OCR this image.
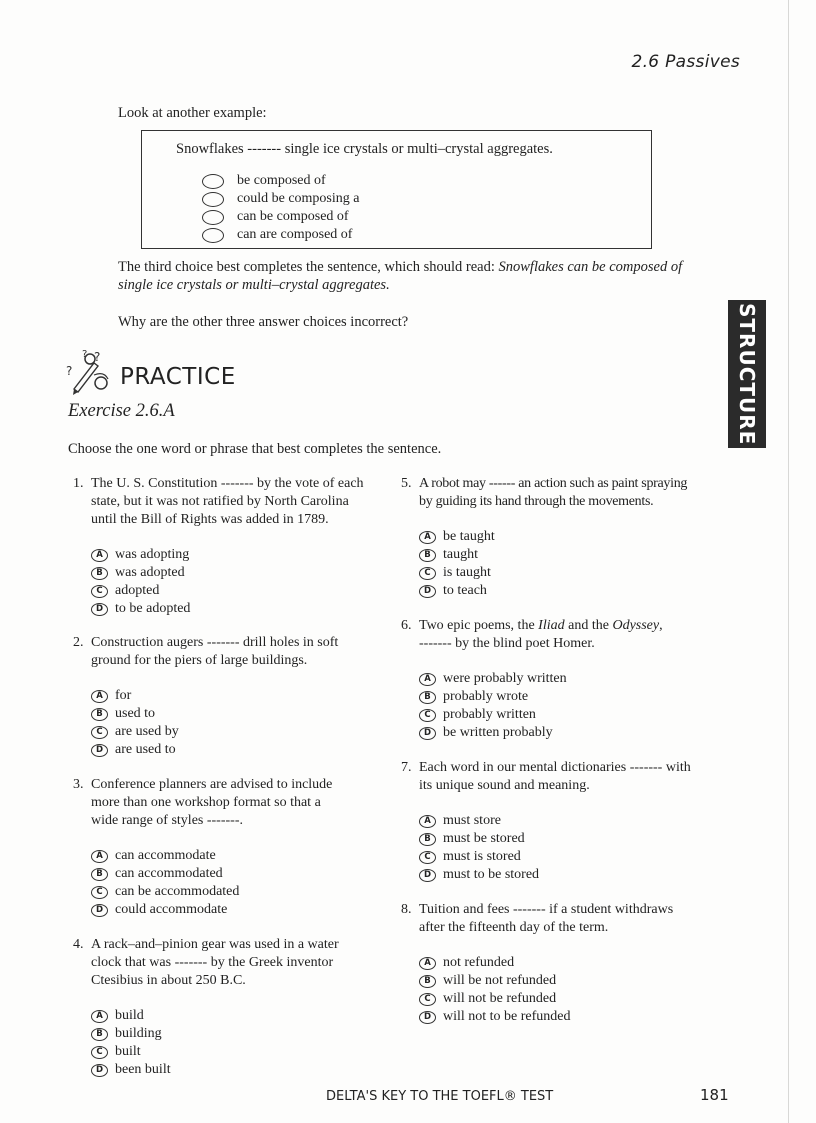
2.6 Passives
Look at another example:
Snowflakes ------- single ice crystals or multi–crystal aggregates.
be composed of
could be composing a
can be composed of
can are composed of
The third choice best completes the sentence, which should read: Snowflakes can be composed of
single ice crystals or multi–crystal aggregates.
Why are the other three answer choices incorrect?	STRUCTURE
?
?
?
PRACTICE
Exercise 2.6.A
Choose the one word or phrase that best completes the sentence.
1. The U. S. Constitution ------- by the vote of each
state, but it was not ratified by North Carolina
until the Bill of Rights was added in 1789.
A was adopting
B was adopted
C adopted
D to be adopted
2. Construction augers ------- drill holes in soft
ground for the piers of large buildings.
A for
B used to
C are used by
D are used to
3. Conference planners are advised to include
more than one workshop format so that a
wide range of styles -------.
A can accommodate
B can accommodated
C can be accommodated
D could accommodate
4. A rack–and–pinion gear was used in a water
clock that was ------- by the Greek inventor
Ctesibius in about 250 B.C.
A build
B building
C built
D been built
5. A robot may ------ an action such as paint spraying
by guiding its hand through the movements.
A be taught
B taught
C is taught
D to teach
6. Two epic poems, the Iliad and the Odyssey,
------- by the blind poet Homer.
A were probably written
B probably wrote
C probably written
D be written probably
7. Each word in our mental dictionaries ------- with
its unique sound and meaning.
A must store
B must be stored
C must is stored
D must to be stored
8. Tuition and fees ------- if a student withdraws
after the fifteenth day of the term.
A not refunded
B will be not refunded
C will not be refunded
D will not to be refunded
DELTA'S KEY TO THE TOEFL® TEST	181
